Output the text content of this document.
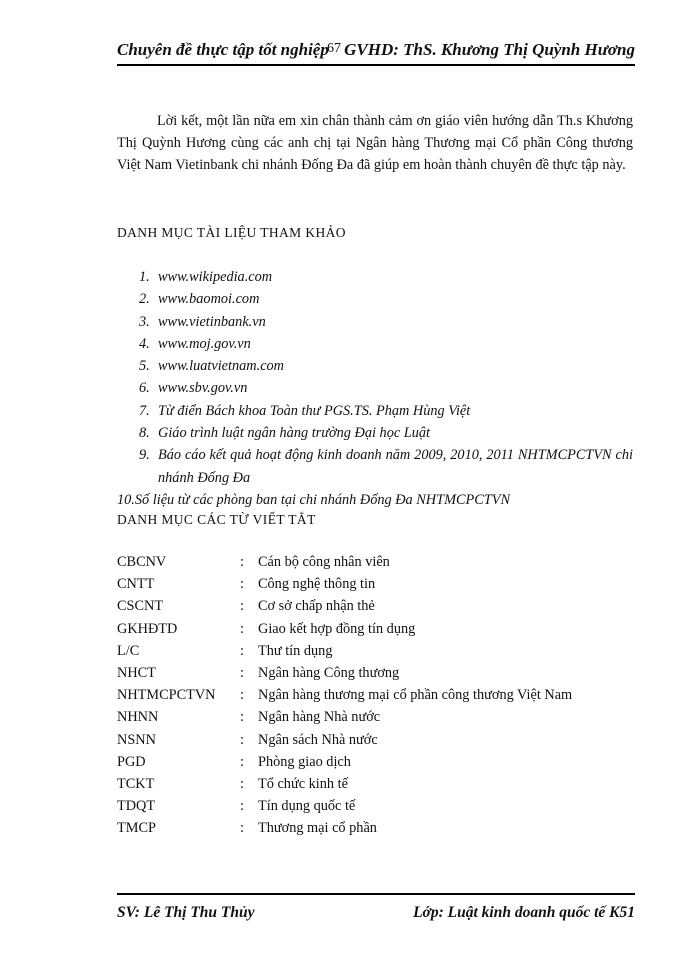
Chuyên đề thực tập tốt nghiệp
67 GVHD: ThS. Khương Thị Quỳnh Hương

Lời kết, một lần nữa em xin chân thành cảm ơn giáo viên hướng dẫn Th.s Khương Thị Quỳnh Hương cùng các anh chị tại Ngân hàng Thương mại Cổ phần Công thương Việt Nam Vietinbank chi nhánh Đống Đa đã giúp em hoàn thành chuyên đề thực tập này.

DANH MỤC TÀI LIỆU THAM KHẢO
1. www.wikipedia.com
2. www.baomoi.com
3. www.vietinbank.vn
4. www.moj.gov.vn
5. www.luatvietnam.com
6. www.sbv.gov.vn
7. Từ điển Bách khoa Toàn thư PGS.TS. Phạm Hùng Việt
8. Giáo trình luật ngân hàng trường Đại học Luật
9. Báo cáo kết quả hoạt động kinh doanh năm 2009, 2010, 2011 NHTMCPCTVN chi nhánh Đống Đa
10.Số liệu từ các phòng ban tại chi nhánh Đống Đa NHTMCPCTVN
DANH MỤC CÁC TỪ VIẾT TẮT
CBCNV	: Cán bộ công nhân viên
CNTT	: Công nghệ thông tin
CSCNT	: Cơ sở chấp nhận thẻ
GKHĐTD	: Giao kết hợp đồng tín dụng
L/C	: Thư tín dụng
NHCT	: Ngân hàng Công thương
NHTMCPCTVN : Ngân hàng thương mại cổ phần công thương Việt Nam
NHNN	: Ngân hàng Nhà nước
NSNN	: Ngân sách Nhà nước
PGD	: Phòng giao dịch
TCKT	: Tổ chức kinh tế
TDQT	: Tín dụng quốc tế
TMCP	: Thương mại cổ phần
SV: Lê Thị Thu Thủy	Lớp: Luật kinh doanh quốc tế K51
